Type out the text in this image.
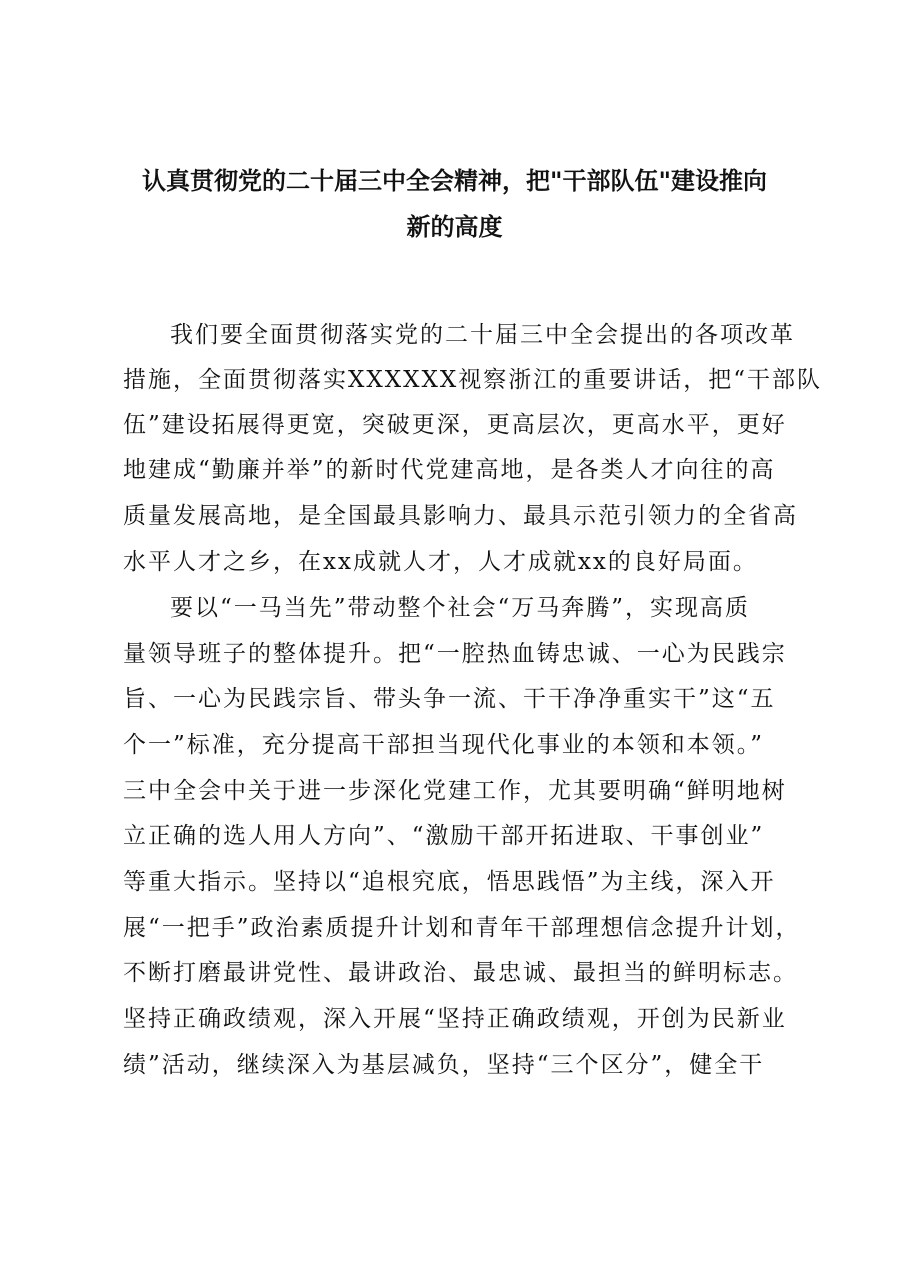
认真贯彻党的二十届三中全会精神，把"干部队伍"建设推向
新的高度
我们要全面贯彻落实党的二十届三中全会提出的各项改革
措施，全面贯彻落实XXXXXX视察浙江的重要讲话，把“干部队
伍”建设拓展得更宽，突破更深，更高层次，更高水平，更好
地建成“勤廉并举”的新时代党建高地，是各类人才向往的高
质量发展高地，是全国最具影响力、最具示范引领力的全省高
水平人才之乡，在xx成就人才，人才成就xx的良好局面。
要以“一马当先”带动整个社会“万马奔腾”，实现高质
量领导班子的整体提升。把“一腔热血铸忠诚、一心为民践宗
旨、一心为民践宗旨、带头争一流、干干净净重实干”这“五
个一”标准，充分提高干部担当现代化事业的本领和本领。”
三中全会中关于进一步深化党建工作，尤其要明确“鲜明地树
立正确的选人用人方向”、“激励干部开拓进取、干事创业”
等重大指示。坚持以“追根究底，悟思践悟”为主线，深入开
展“一把手”政治素质提升计划和青年干部理想信念提升计划，
不断打磨最讲党性、最讲政治、最忠诚、最担当的鲜明标志。
坚持正确政绩观，深入开展“坚持正确政绩观，开创为民新业
绩”活动，继续深入为基层减负，坚持“三个区分”，健全干
